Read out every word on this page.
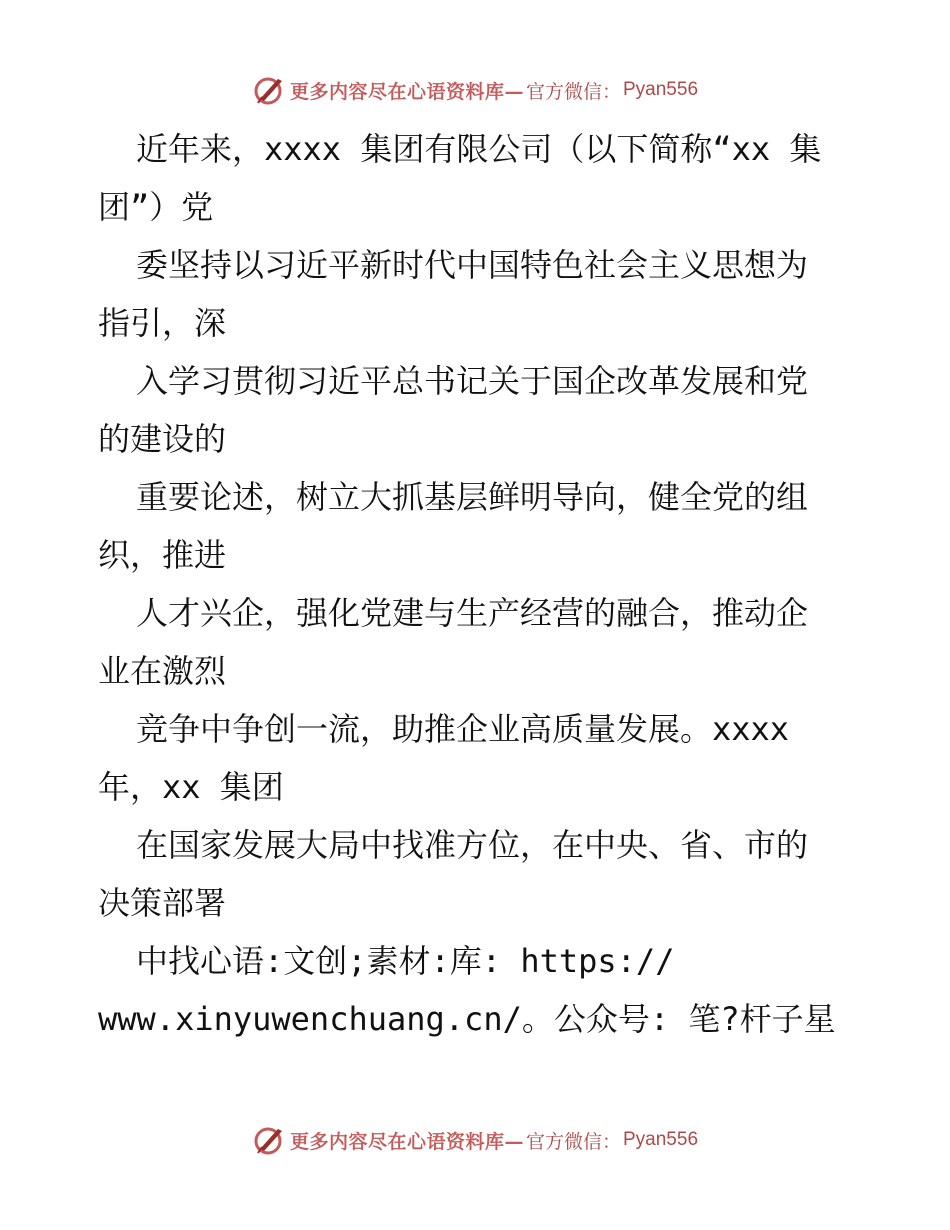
更多内容尽在心语资料库— 官方微信： Pyan556
近年来，xxxx 集团有限公司（以下简称“xx 集
团”）党
委坚持以习近平新时代中国特色社会主义思想为
指引，深
入学习贯彻习近平总书记关于国企改革发展和党
的建设的
重要论述，树立大抓基层鲜明导向，健全党的组
织，推进
人才兴企，强化党建与生产经营的融合，推动企
业在激烈
竞争中争创一流，助推企业高质量发展。xxxx
年，xx 集团
在国家发展大局中找准方位，在中央、省、市的
决策部署
中找心语:文创;素材:库: https://
www.xinyuwenchuang.cn/。公众号: 笔?杆子星
更多内容尽在心语资料库— 官方微信： Pyan556
